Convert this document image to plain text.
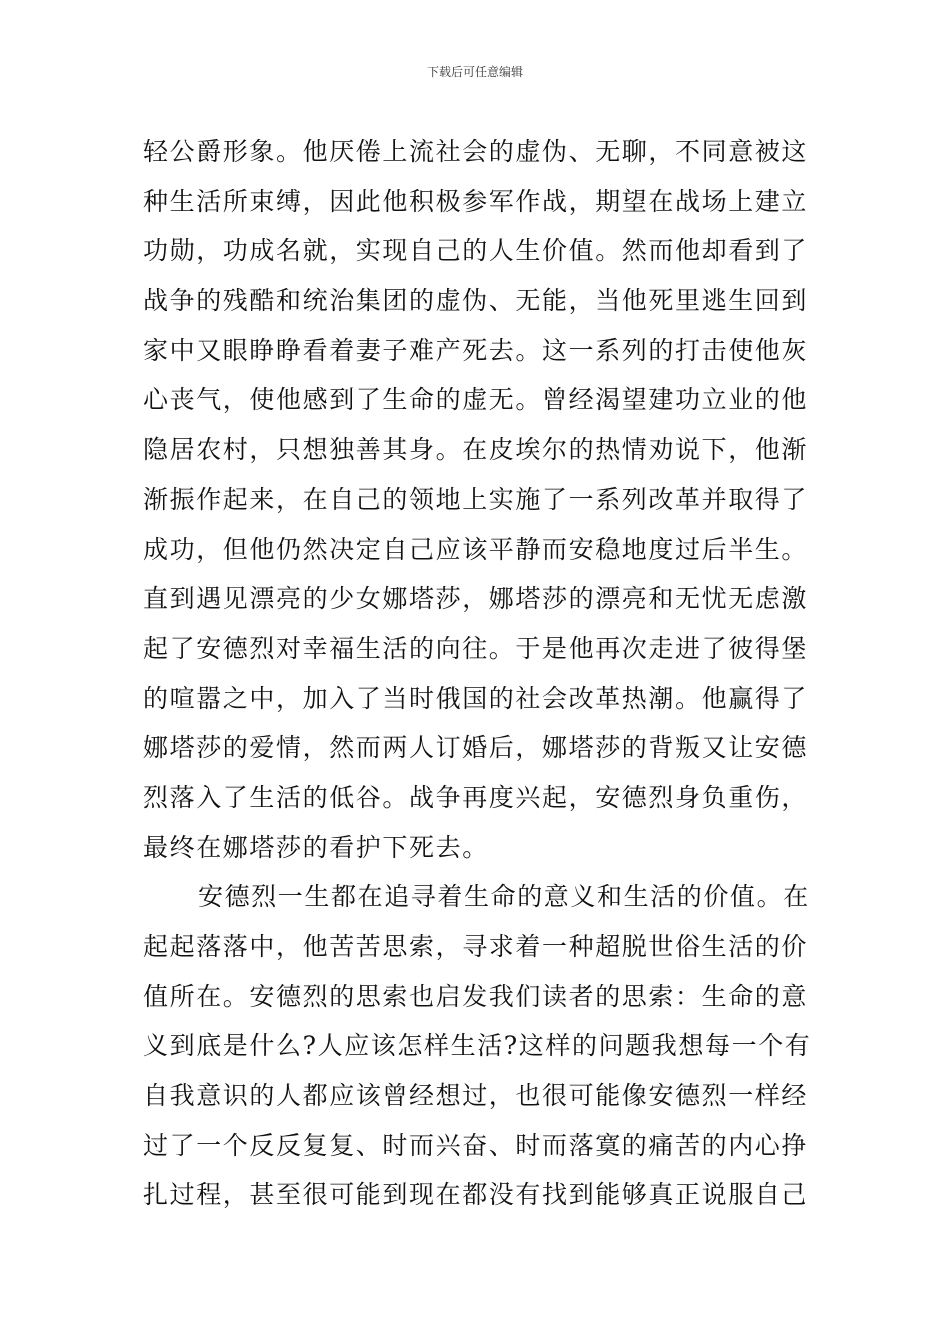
下载后可任意编辑
轻公爵形象。他厌倦上流社会的虚伪、无聊，不同意被这
种生活所束缚，因此他积极参军作战，期望在战场上建立
功勋，功成名就，实现自己的人生价值。然而他却看到了
战争的残酷和统治集团的虚伪、无能，当他死里逃生回到
家中又眼睁睁看着妻子难产死去。这一系列的打击使他灰
心丧气，使他感到了生命的虚无。曾经渴望建功立业的他
隐居农村，只想独善其身。在皮埃尔的热情劝说下，他渐
渐振作起来，在自己的领地上实施了一系列改革并取得了
成功，但他仍然决定自己应该平静而安稳地度过后半生。
直到遇见漂亮的少女娜塔莎，娜塔莎的漂亮和无忧无虑激
起了安德烈对幸福生活的向往。于是他再次走进了彼得堡
的喧嚣之中，加入了当时俄国的社会改革热潮。他赢得了
娜塔莎的爱情，然而两人订婚后，娜塔莎的背叛又让安德
烈落入了生活的低谷。战争再度兴起，安德烈身负重伤，
最终在娜塔莎的看护下死去。
安德烈一生都在追寻着生命的意义和生活的价值。在
起起落落中，他苦苦思索，寻求着一种超脱世俗生活的价
值所在。安德烈的思索也启发我们读者的思索：生命的意
义到底是什么?人应该怎样生活?这样的问题我想每一个有
自我意识的人都应该曾经想过，也很可能像安德烈一样经
过了一个反反复复、时而兴奋、时而落寞的痛苦的内心挣
扎过程，甚至很可能到现在都没有找到能够真正说服自己
